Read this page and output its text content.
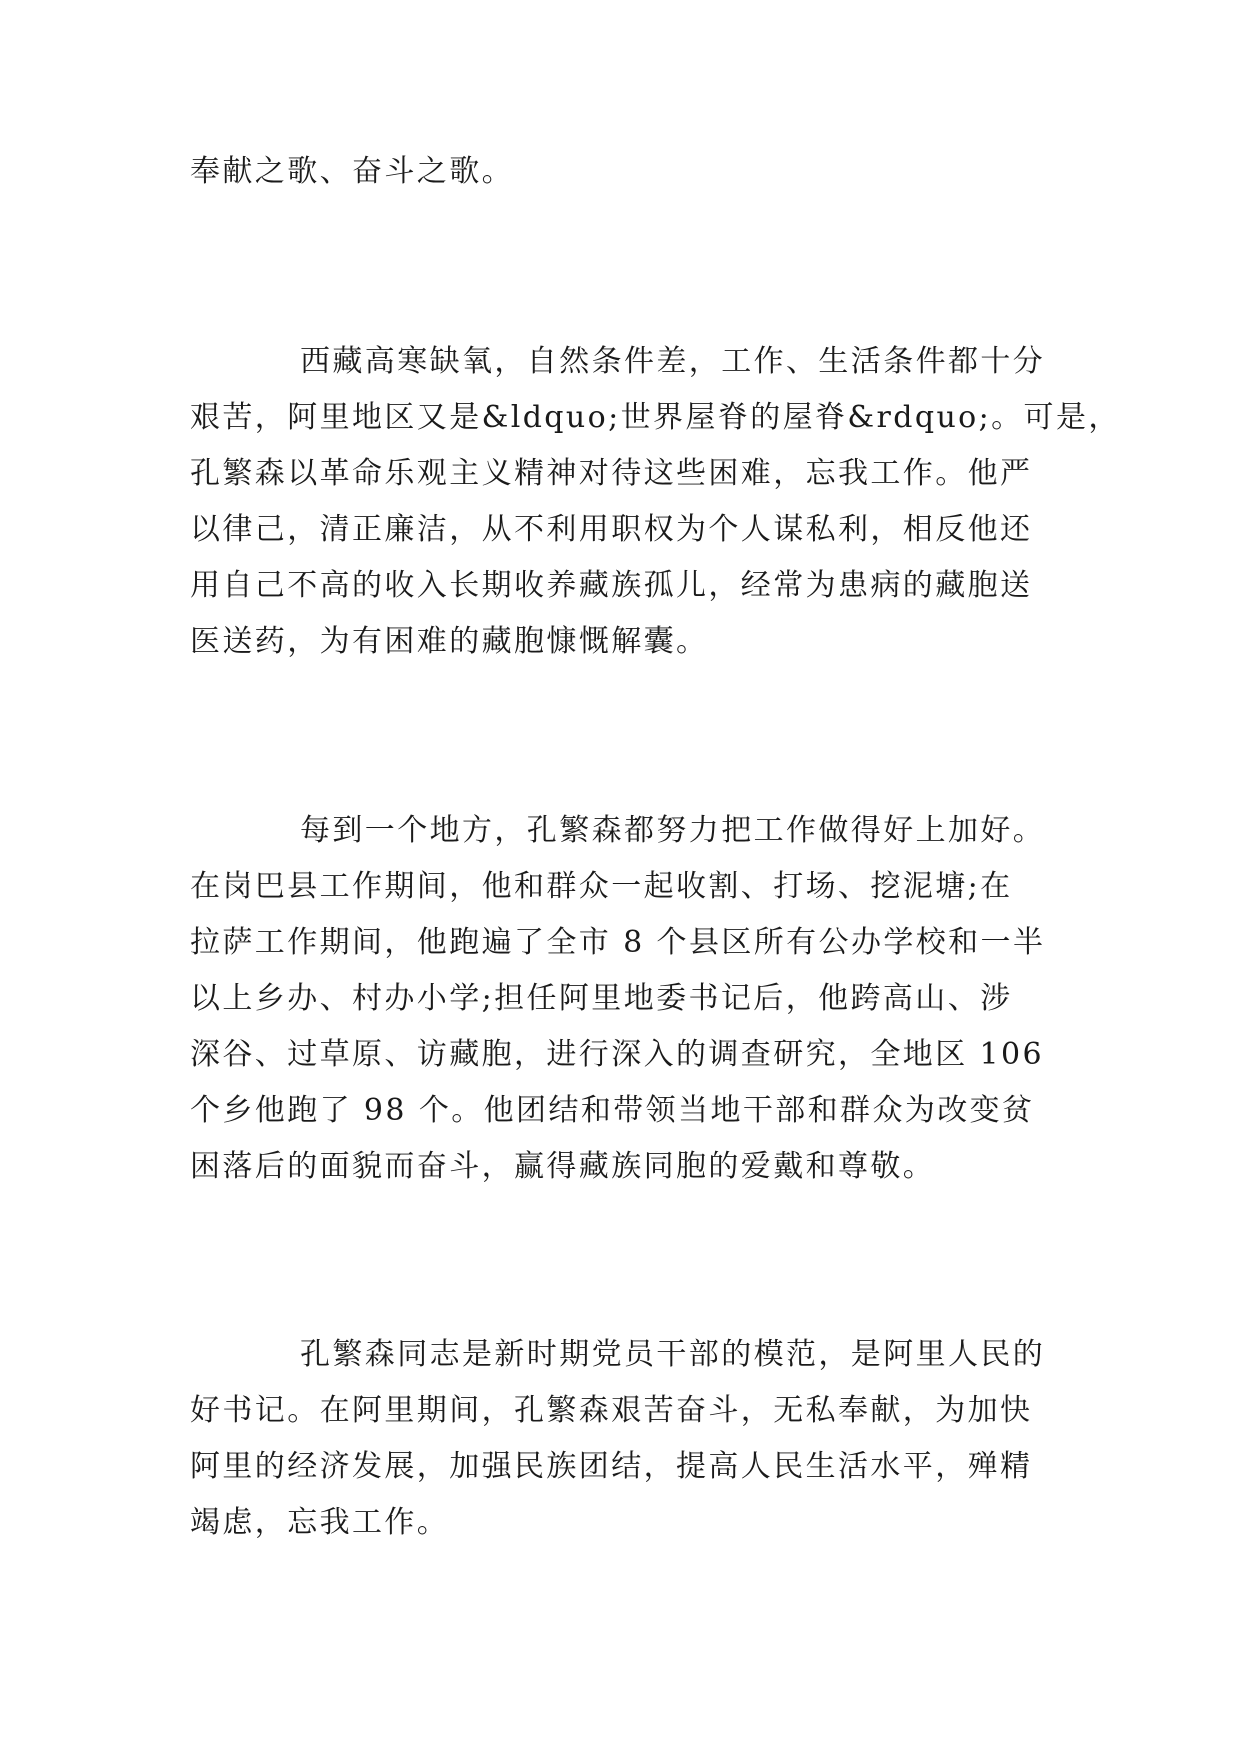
奉献之歌、奋斗之歌。
西藏高寒缺氧，自然条件差，工作、生活条件都十分
艰苦，阿里地区又是&ldquo;世界屋脊的屋脊&rdquo;。可是，
孔繁森以革命乐观主义精神对待这些困难，忘我工作。他严
以律己，清正廉洁，从不利用职权为个人谋私利，相反他还
用自己不高的收入长期收养藏族孤儿，经常为患病的藏胞送
医送药，为有困难的藏胞慷慨解囊。
每到一个地方，孔繁森都努力把工作做得好上加好。
在岗巴县工作期间，他和群众一起收割、打场、挖泥塘;在
拉萨工作期间，他跑遍了全市 8 个县区所有公办学校和一半
以上乡办、村办小学;担任阿里地委书记后，他跨高山、涉
深谷、过草原、访藏胞，进行深入的调查研究，全地区 106
个乡他跑了 98 个。他团结和带领当地干部和群众为改变贫
困落后的面貌而奋斗，赢得藏族同胞的爱戴和尊敬。
孔繁森同志是新时期党员干部的模范，是阿里人民的
好书记。在阿里期间，孔繁森艰苦奋斗，无私奉献，为加快
阿里的经济发展，加强民族团结，提高人民生活水平，殚精
竭虑，忘我工作。
